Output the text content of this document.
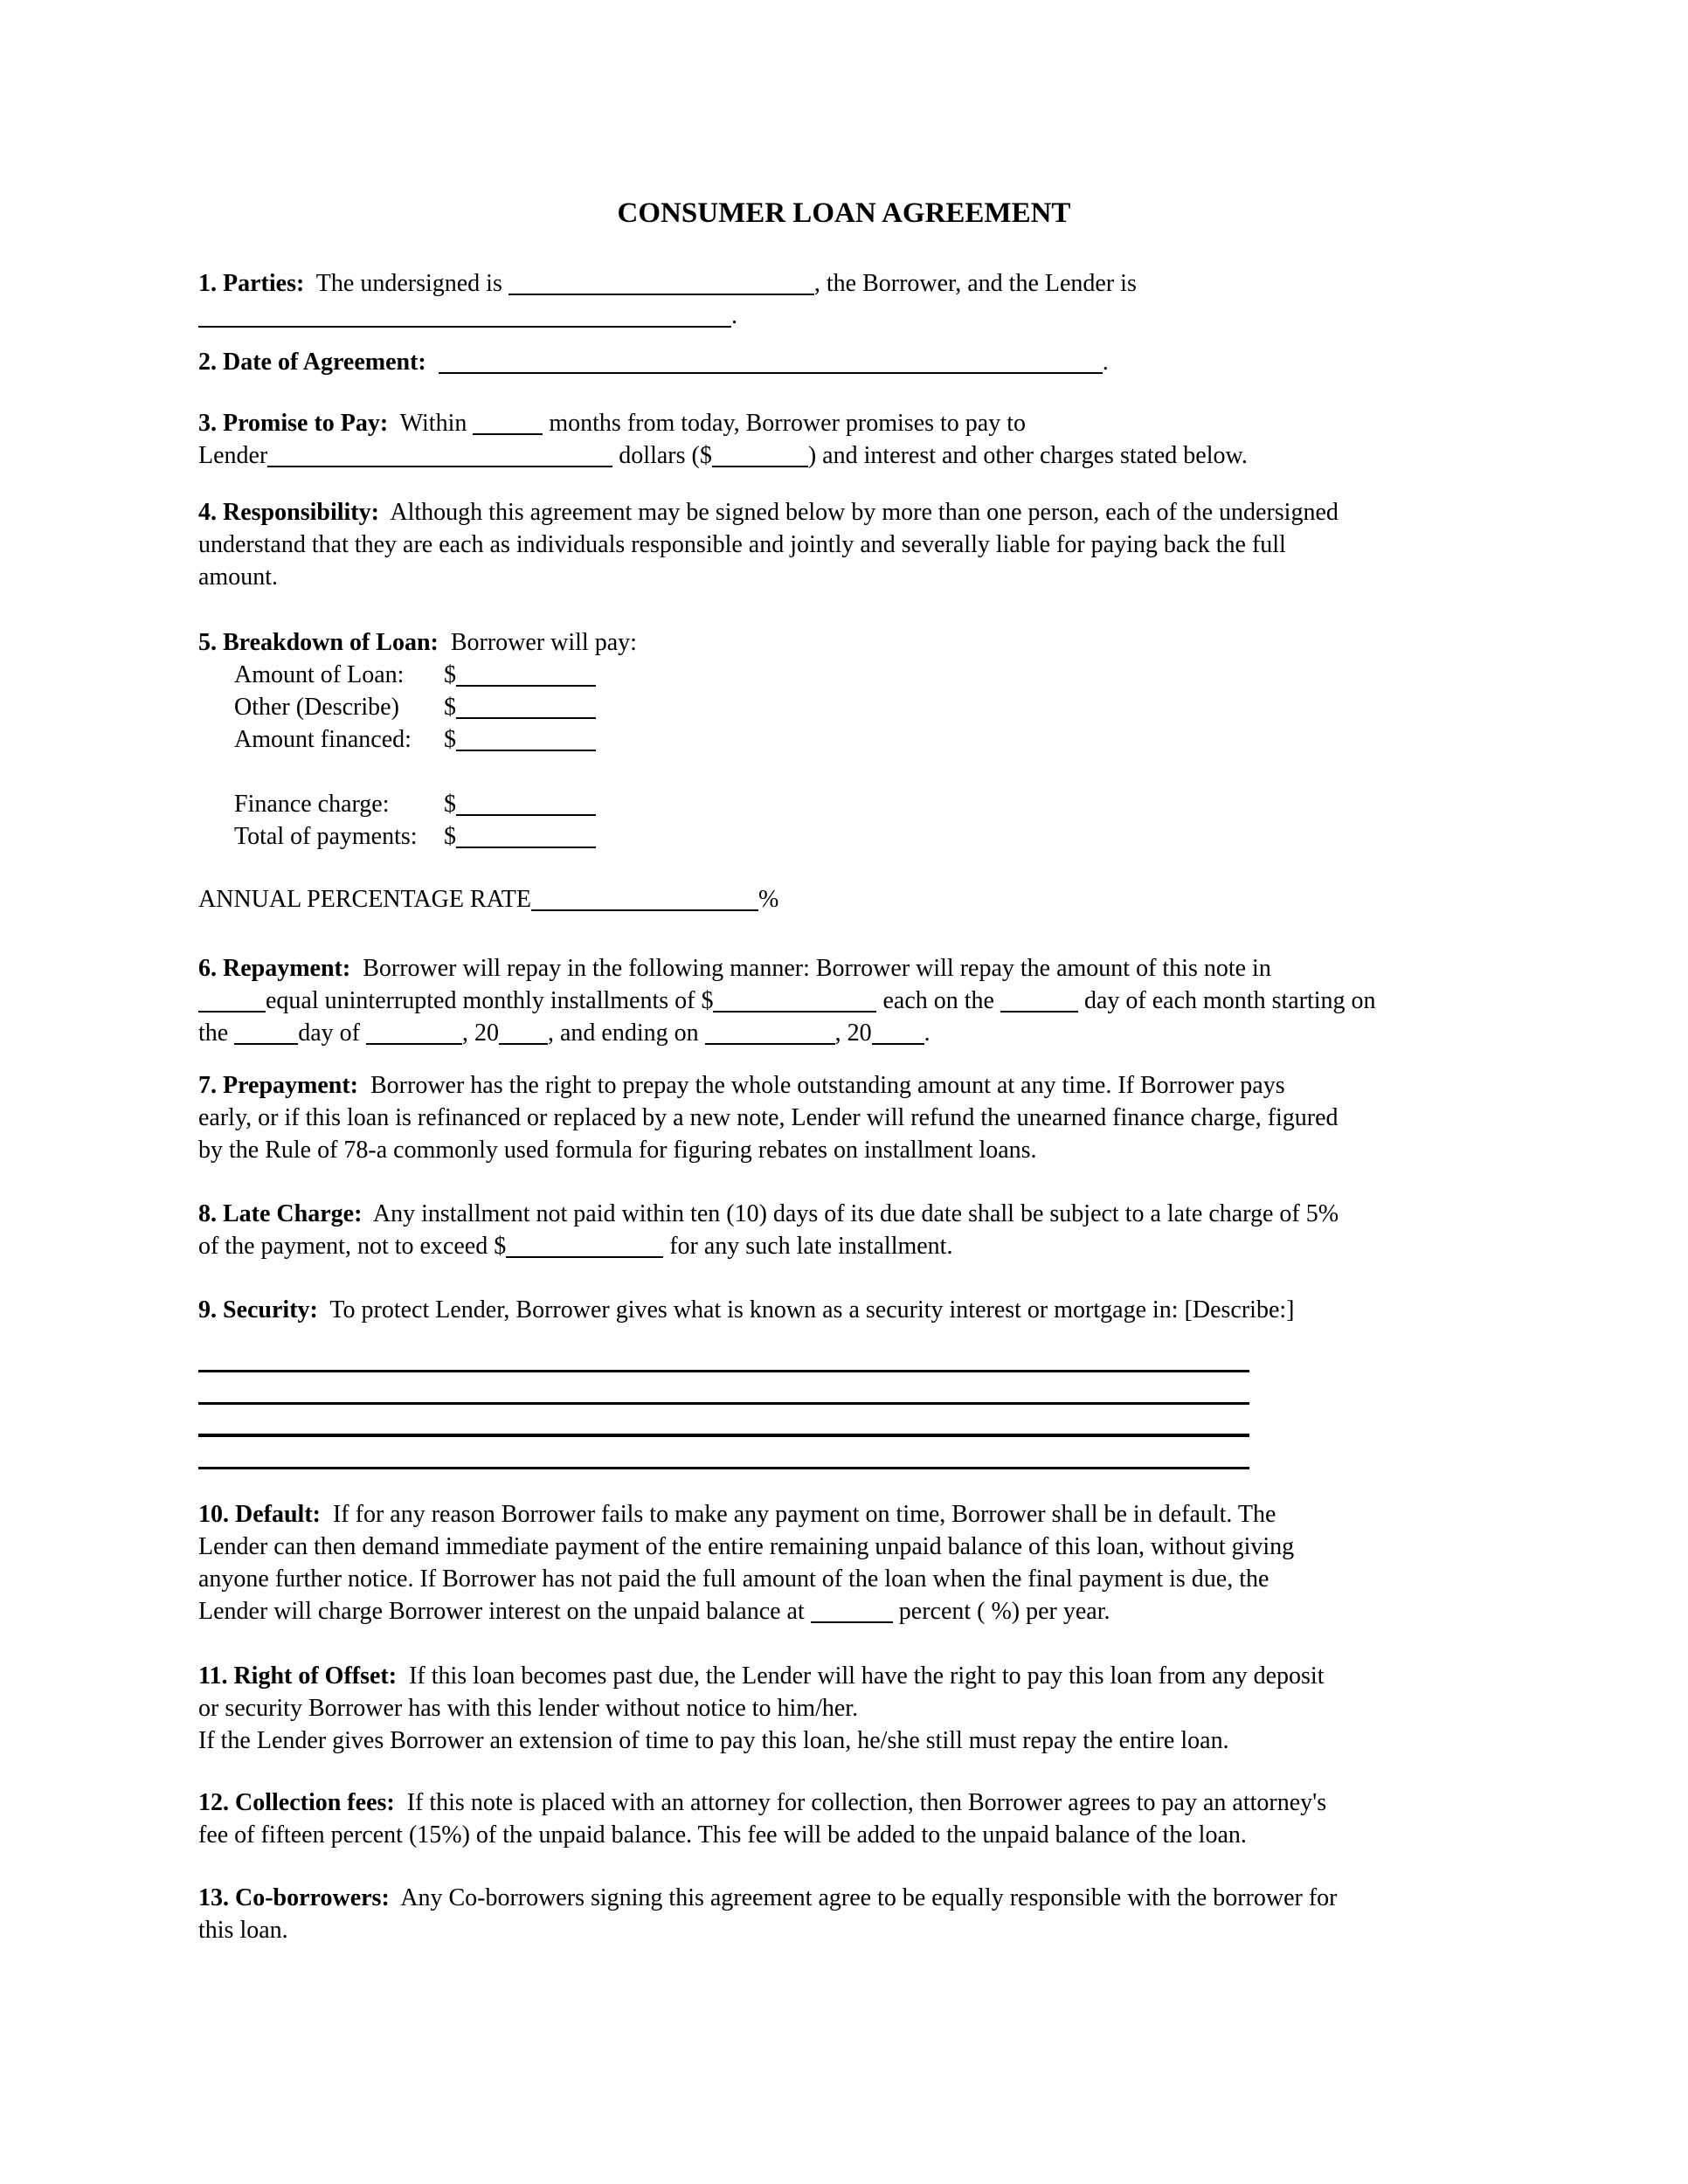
CONSUMER LOAN AGREEMENT

1. Parties:  The undersigned is	, the Borrower, and the Lender is
.

2. Date of Agreement:	.

3. Promise to Pay:  Within	months from today, Borrower promises to pay to
Lender	dollars ($	) and interest and other charges stated below.

4. Responsibility:  Although this agreement may be signed below by more than one person, each of the undersigned
understand that they are each as individuals responsible and jointly and severally liable for paying back the full
amount.

5. Breakdown of Loan:  Borrower will pay:

Amount of Loan: $
Other (Describe) $
Amount financed: $
Finance charge: $
Total of payments: $

ANNUAL PERCENTAGE RATE	%

6. Repayment:  Borrower will repay in the following manner: Borrower will repay the amount of this note in
equal uninterrupted monthly installments of $	each on the	day of each month starting on
the	day of	, 20 , and ending on	, 20 .

7. Prepayment:  Borrower has the right to prepay the whole outstanding amount at any time. If Borrower pays
early, or if this loan is refinanced or replaced by a new note, Lender will refund the unearned finance charge, figured
by the Rule of 78-a commonly used formula for figuring rebates on installment loans.

8. Late Charge:  Any installment not paid within ten (10) days of its due date shall be subject to a late charge of 5%
of the payment, not to exceed $	for any such late installment.

9. Security:  To protect Lender, Borrower gives what is known as a security interest or mortgage in: [Describe:]

10. Default:  If for any reason Borrower fails to make any payment on time, Borrower shall be in default. The
Lender can then demand immediate payment of the entire remaining unpaid balance of this loan, without giving
anyone further notice. If Borrower has not paid the full amount of the loan when the final payment is due, the
Lender will charge Borrower interest on the unpaid balance at	percent ( %) per year.

11. Right of Offset:  If this loan becomes past due, the Lender will have the right to pay this loan from any deposit
or security Borrower has with this lender without notice to him/her.
If the Lender gives Borrower an extension of time to pay this loan, he/she still must repay the entire loan.

12. Collection fees:  If this note is placed with an attorney for collection, then Borrower agrees to pay an attorney's
fee of fifteen percent (15%) of the unpaid balance. This fee will be added to the unpaid balance of the loan.

13. Co-borrowers:  Any Co-borrowers signing this agreement agree to be equally responsible with the borrower for
this loan.
